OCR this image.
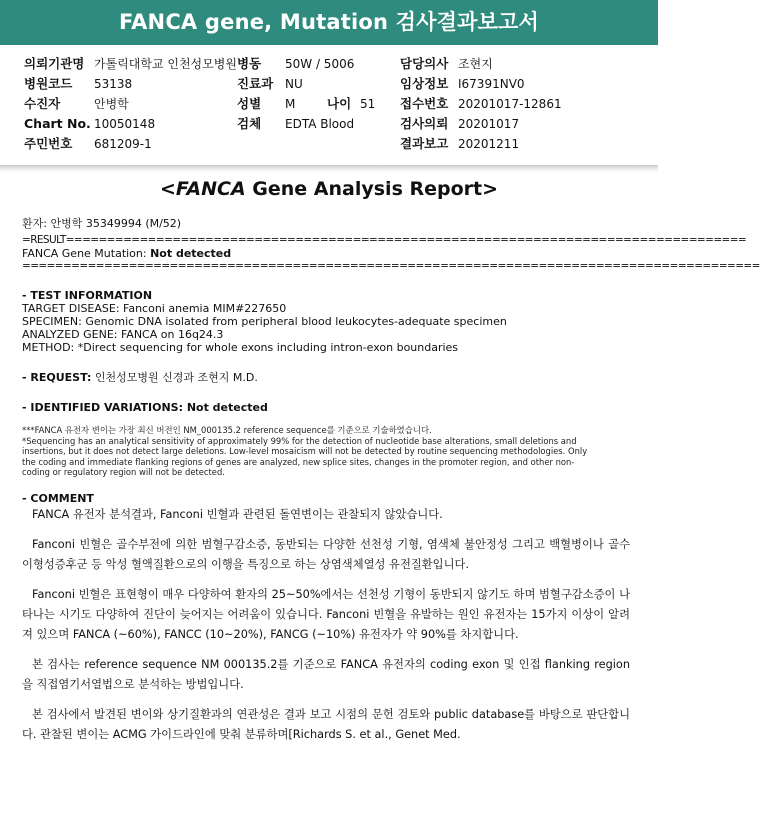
FANCA gene, Mutation 검사결과보고서
의뢰기관명 가톨릭대학교 인천성모병원 병동 50W / 5006	담당의사 조현지
병원코드 53138	진료과 NU	임상정보 I67391NV0
수진자	안병학	성별 M	나이 51 접수번호 20201017-12861
Chart No. 10050148	검체 EDTA Blood	검사의뢰 20201017
주민번호 681209-1	결과보고 20201211
<FANCA Gene Analysis Report>
환자: 안병학 35349994 (M/52)
=RESULT===================================================================================
FANCA Gene Mutation: Not detected
==========================================================================================
- TEST INFORMATION
TARGET DISEASE: Fanconi anemia MIM#227650
SPECIMEN: Genomic DNA isolated from peripheral blood leukocytes-adequate specimen
ANALYZED GENE: FANCA on 16q24.3
METHOD: *Direct sequencing for whole exons including intron-exon boundaries
- REQUEST: 인천성모병원 신경과 조현지 M.D.
- IDENTIFIED VARIATIONS: Not detected
***FANCA 유전자 변이는 가장 최신 버전인 NM_000135.2 reference sequence를 기준으로 기술하였습니다.
*Sequencing has an analytical sensitivity of approximately 99% for the detection of nucleotide base alterations, small deletions and
insertions, but it does not detect large deletions. Low-level mosaicism will not be detected by routine sequencing methodologies. Only
the coding and immediate flanking regions of genes are analyzed, new splice sites, changes in the promoter region, and other non-
coding or regulatory region will not be detected.
- COMMENT
FANCA 유전자 분석결과, Fanconi 빈혈과 관련된 돌연변이는 관찰되지 않았습니다.
Fanconi 빈혈은 골수부전에 의한 범혈구감소증, 동반되는 다양한 선천성 기형, 염색체 불안정성 그리고 백혈병이나 골수이형성증후군 등 악성 혈액질환으로의 이행을 특징으로 하는 상염색체열성 유전질환입니다.
Fanconi 빈혈은 표현형이 매우 다양하여 환자의 25~50%에서는 선천성 기형이 동반되지 않기도 하며 범혈구감소증이 나타나는 시기도 다양하여 진단이 늦어지는 어려움이 있습니다. Fanconi 빈혈을 유발하는 원인 유전자는 15가지 이상이 알려져 있으며 FANCA (~60%), FANCC (10~20%), FANCG (~10%) 유전자가 약 90%를 차지합니다.
본 검사는 reference sequence NM 000135.2를 기준으로 FANCA 유전자의 coding exon 및 인접 flanking region을 직접염기서열법으로 분석하는 방법입니다.
본 검사에서 발견된 변이와 상기질환과의 연관성은 결과 보고 시점의 문헌 검토와 public database를 바탕으로 판단합니다. 관찰된 변이는 ACMG 가이드라인에 맞춰 분류하며[Richards S. et al., Genet Med.
